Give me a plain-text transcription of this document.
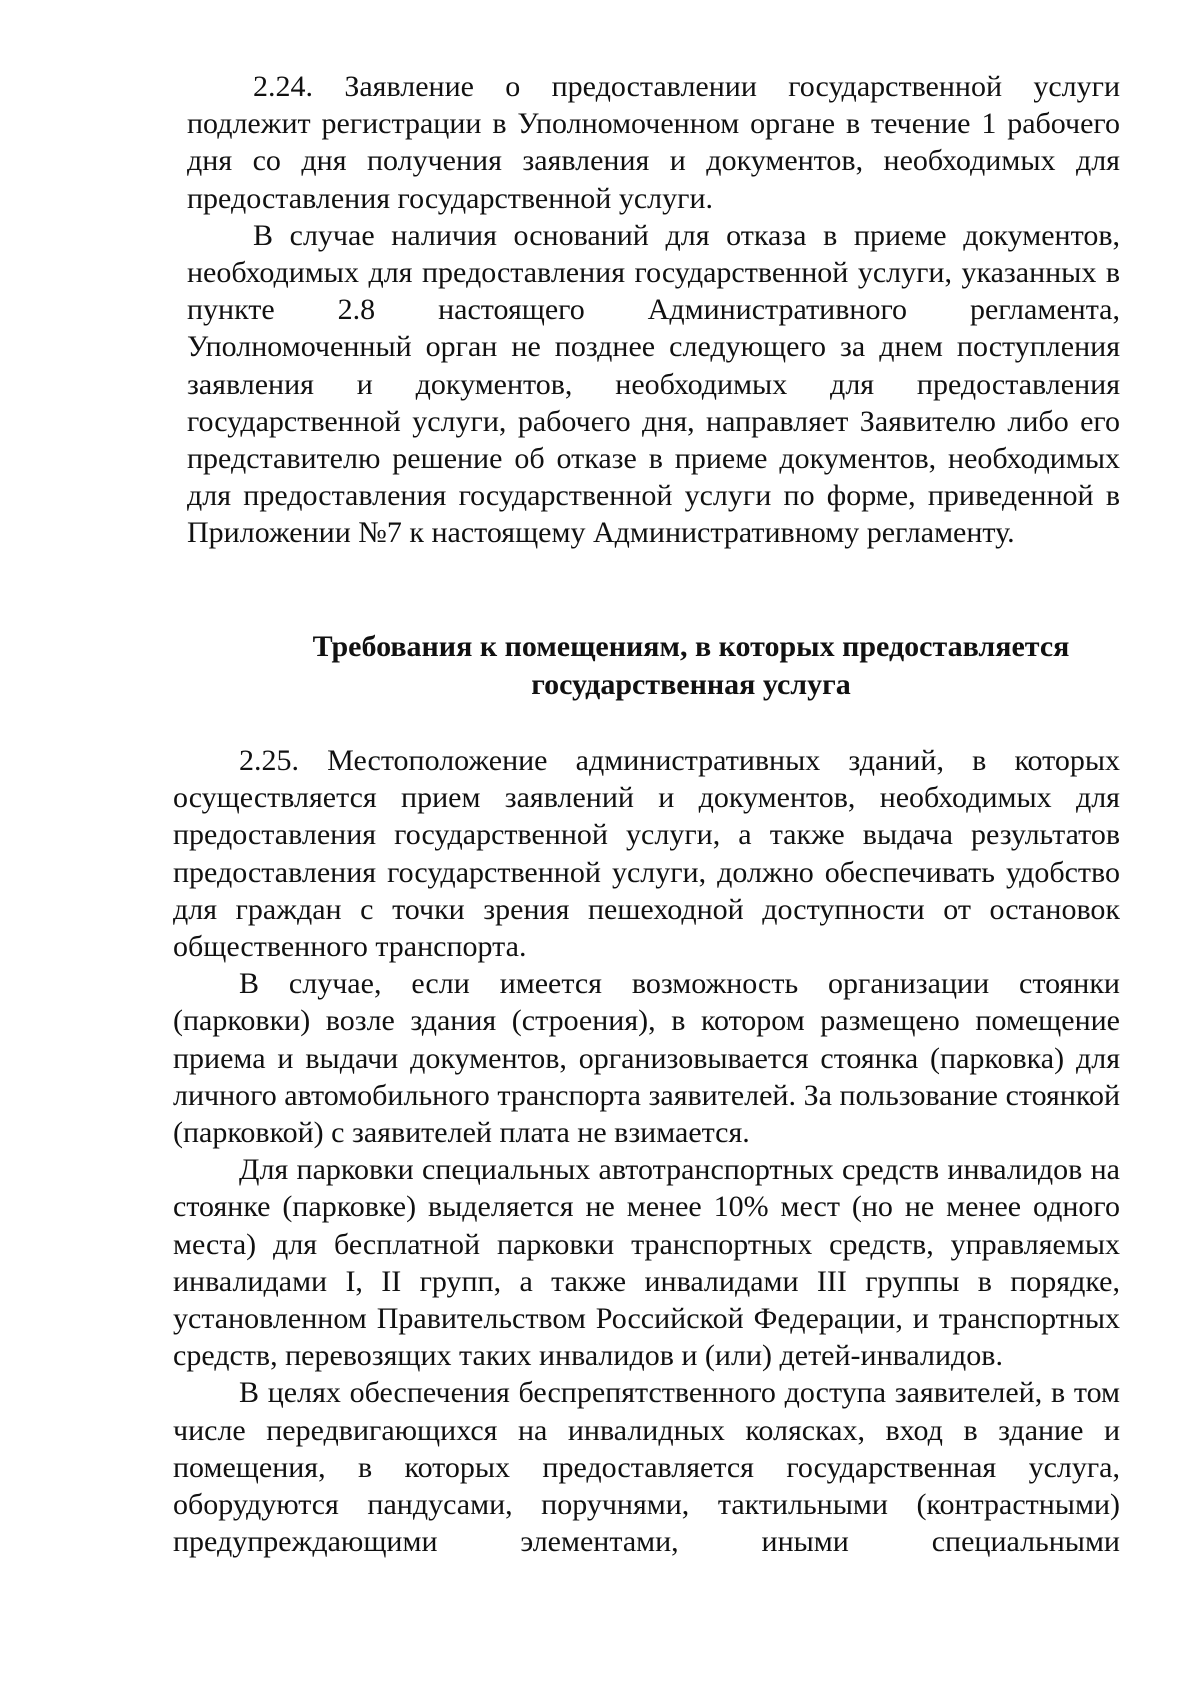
2.24. Заявление о предоставлении государственной услуги подлежит регистрации в Уполномоченном органе в течение 1 рабочего дня со дня получения заявления и документов, необходимых для предоставления государственной услуги.

В случае наличия оснований для отказа в приеме документов, необходимых для предоставления государственной услуги, указанных в пункте 2.8 настоящего Административного регламента, Уполномоченный орган не позднее следующего за днем поступления заявления и документов, необходимых для предоставления государственной услуги, рабочего дня, направляет Заявителю либо его представителю решение об отказе в приеме документов, необходимых для предоставления государственной услуги по форме, приведенной в Приложении №7 к настоящему Административному регламенту.

Требования к помещениям, в которых предоставляется
государственная услуга

2.25. Местоположение административных зданий, в которых осуществляется прием заявлений и документов, необходимых для предоставления государственной услуги, а также выдача результатов предоставления государственной услуги, должно обеспечивать удобство для граждан с точки зрения пешеходной доступности от остановок общественного транспорта.

В случае, если имеется возможность организации стоянки (парковки) возле здания (строения), в котором размещено помещение приема и выдачи документов, организовывается стоянка (парковка) для личного автомобильного транспорта заявителей. За пользование стоянкой (парковкой) с заявителей плата не взимается.

Для парковки специальных автотранспортных средств инвалидов на стоянке (парковке) выделяется не менее 10% мест (но не менее одного места) для бесплатной парковки транспортных средств, управляемых инвалидами I, II групп, а также инвалидами III группы в порядке, установленном Правительством Российской Федерации, и транспортных средств, перевозящих таких инвалидов и (или) детей-инвалидов.

В целях обеспечения беспрепятственного доступа заявителей, в том числе передвигающихся на инвалидных колясках, вход в здание и помещения, в которых предоставляется государственная услуга, оборудуются пандусами, поручнями, тактильными (контрастными) предупреждающими элементами, иными специальными
